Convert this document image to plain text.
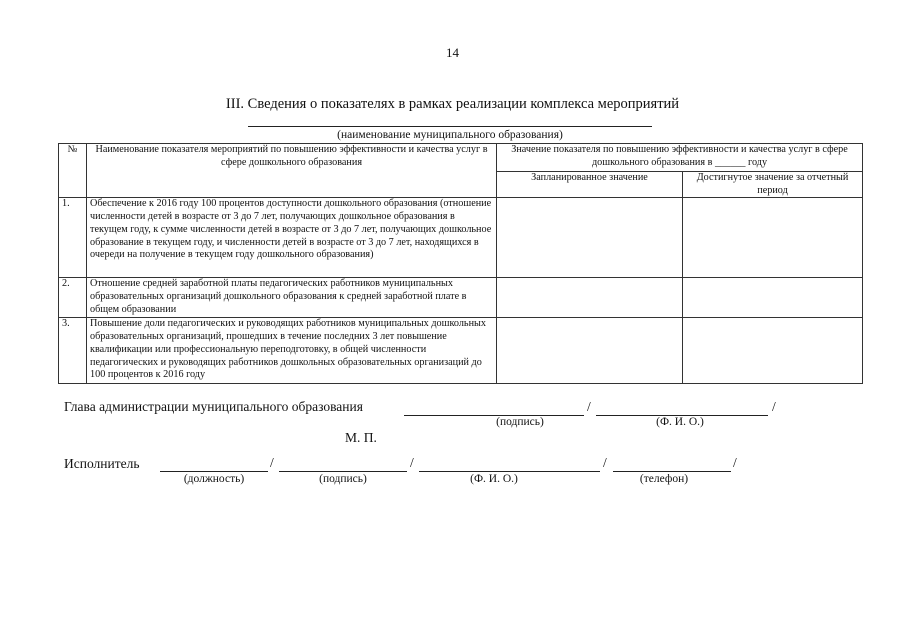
14
III. Сведения о показателях в рамках реализации комплекса мероприятий
(наименование муниципального образования)
№	Наименование показателя мероприятий по повышению эффективности и качества услуг в сфере дошкольного образования	Значение показателя по повышению эффективности и качества услуг в сфере дошкольного образования в ______ году	
		Запланированное значение	Достигнутое значение за отчетный период
1.	Обеспечение к 2016 году 100 процентов доступности дошкольного образования (отношение численности детей в возрасте от 3 до 7 лет, получающих дошкольное образования в текущем году, к сумме численности детей в возрасте от 3 до 7 лет, получающих дошкольное образование в текущем году, и численности детей в возрасте от 3 до 7 лет, находящихся в очереди на получение в текущем году дошкольного образования)		
2.	Отношение средней заработной платы педагогических работников муниципальных образовательных организаций дошкольного образования к средней заработной плате в общем образовании		
3.	Повышение доли педагогических и руководящих работников муниципальных дошкольных образовательных организаций, прошедших в течение последних 3 лет повышение квалификации или профессиональную переподготовку, в общей численности педагогических и руководящих работников дошкольных образовательных организаций до 100 процентов к 2016 году		
Глава администрации муниципального образования	/	/
(подпись)	(Ф. И. О.)
М. П.
Исполнитель	/	/	/	/
(должность)	(подпись)	(Ф. И. О.)	(телефон)
